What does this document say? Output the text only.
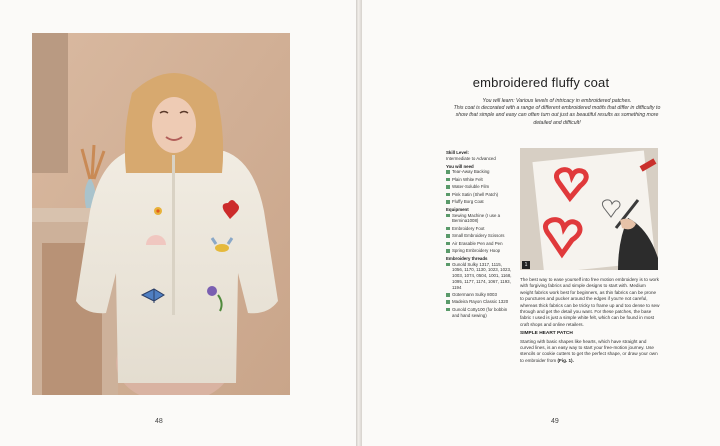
48
embroidered fluffy coat

You will learn: Various levels of intricacy in embroidered patches.

This coat is decorated with a range of different embroidered motifs that differ in difficulty to show that simple and easy can often turn out just as beautiful results as something more detailed and difficult!

Skill Level:
Intermediate to Advanced
You will need
Tear-Away Backing
Plain White Felt
Water-Soluble Film
Pink Satin (Shell Patch)
Fluffy Borg Coat
Equipment
Sewing Machine (I use a Bernina1008)
Embroidery Foot
Small Embroidery Scissors
Air Erasable Pen and Pen
Spring Embroidery Hoop
Embroidery threads
Gunold Sulky 1317, 1115, 1056, 1170, 1130, 1023, 1023, 1003, 1074, 0504, 1001, 1168, 1095, 1177, 1174, 1067, 1193, 1194
Gütermann Sulky 8003
Madeira Rayon Classic 1320
Gunold Cotty100 (for bobbin and hand sewing)
1

The best way to ease yourself into free motion embroidery is to work with forgiving fabrics and simple designs to start with. Medium weight fabrics work best for beginners, as thin fabrics can be prone to punctures and pucker around the edges if you're not careful, whereas thick fabrics can be tricky to frame up and too dense to sew through and get the detail you want. For these patches, the base fabric I used is just a simple white felt, which can be found in most craft shops and online retailers.

SIMPLE HEART PATCH

Starting with basic shapes like hearts, which have straight and curved lines, is an easy way to start your free-motion journey. Use stencils or cookie cutters to get the perfect shape, or draw your own to embroider from (Fig. 1).

49
